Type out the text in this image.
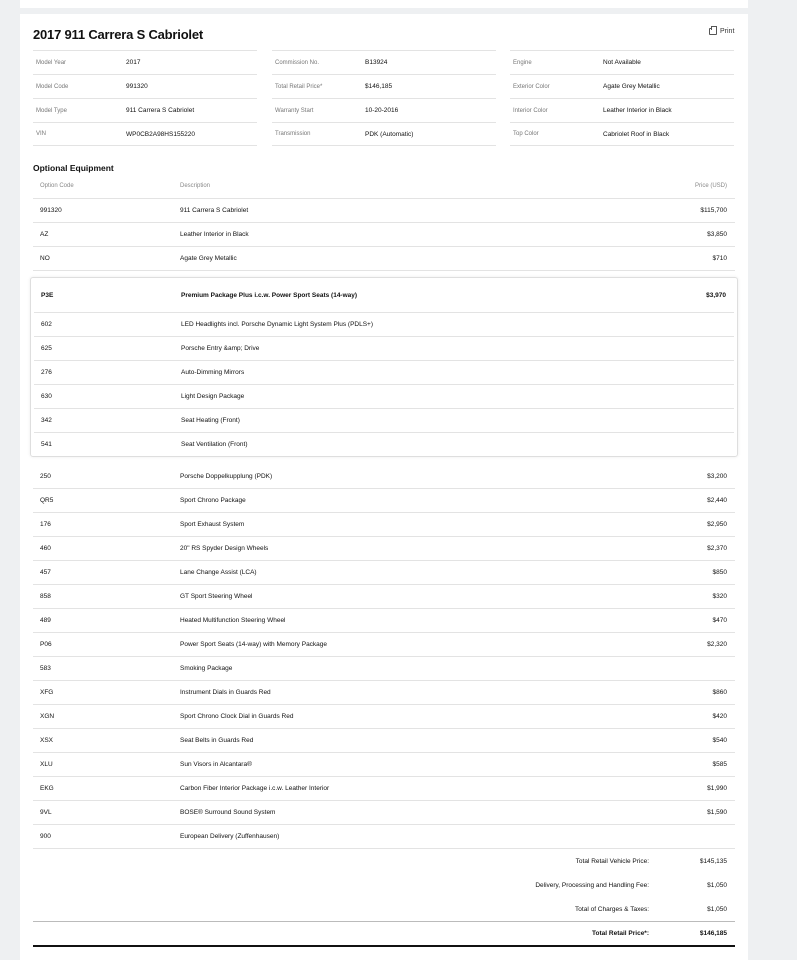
2017 911 Carrera S Cabriolet	Print
Model Year	2017
Model Code	991320
Model Type	911 Carrera S Cabriolet
VIN	WP0CB2A98HS155220
Commission No.	B13924
Total Retail Price*	$146,185
Warranty Start	10-20-2016
Transmission	PDK (Automatic)
Engine	Not Available
Exterior Color	Agate Grey Metallic
Interior Color	Leather Interior in Black
Top Color	Cabriolet Roof in Black
Optional Equipment
Option Code	Description	Price (USD)
991320	911 Carrera S Cabriolet	$115,700
AZ	Leather Interior in Black	$3,850
NO	Agate Grey Metallic	$710
P3E	Premium Package Plus i.c.w. Power Sport Seats (14-way)	$3,970
602	LED Headlights incl. Porsche Dynamic Light System Plus (PDLS+)
625	Porsche Entry &amp; Drive
276	Auto-Dimming Mirrors
630	Light Design Package
342	Seat Heating (Front)
541	Seat Ventilation (Front)
250	Porsche Doppelkupplung (PDK)	$3,200
QR5	Sport Chrono Package	$2,440
176	Sport Exhaust System	$2,950
460	20" RS Spyder Design Wheels	$2,370
457	Lane Change Assist (LCA)	$850
858	GT Sport Steering Wheel	$320
489	Heated Multifunction Steering Wheel	$470
P06	Power Sport Seats (14-way) with Memory Package	$2,320
583	Smoking Package
XFG	Instrument Dials in Guards Red	$860
XGN	Sport Chrono Clock Dial in Guards Red	$420
XSX	Seat Belts in Guards Red	$540
XLU	Sun Visors in Alcantara®	$585
EKG	Carbon Fiber Interior Package i.c.w. Leather Interior	$1,990
9VL	BOSE® Surround Sound System	$1,590
900	European Delivery (Zuffenhausen)
Total Retail Vehicle Price:	$145,135
Delivery, Processing and Handling Fee:	$1,050
Total of Charges & Taxes:	$1,050
Total Retail Price*:	$146,185
